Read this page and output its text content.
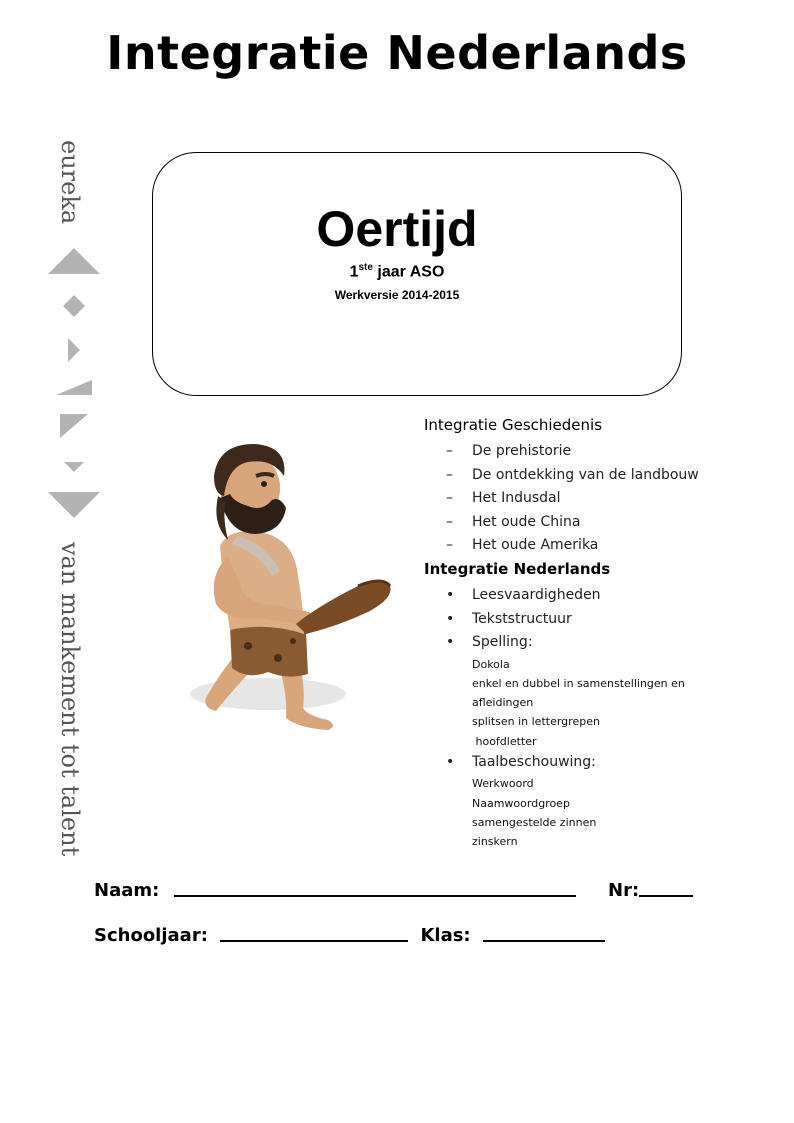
Integratie Nederlands
eureka
van mankement tot talent
Oertijd
1ste jaar ASO
Werkversie 2014-2015
Integratie Geschiedenis
– De prehistorie
– De ontdekking van de landbouw
– Het Indusdal
– Het oude China
– Het oude Amerika
Integratie Nederlands
• Leesvaardigheden
• Tekststructuur
• Spelling:
Dokola
enkel en dubbel in samenstellingen en
afleidingen
splitsen in lettergrepen
hoofdletter
• Taalbeschouwing:
Werkwoord
Naamwoordgroep
samengestelde zinnen
zinskern
Naam:	Nr:
Schooljaar:	Klas:
